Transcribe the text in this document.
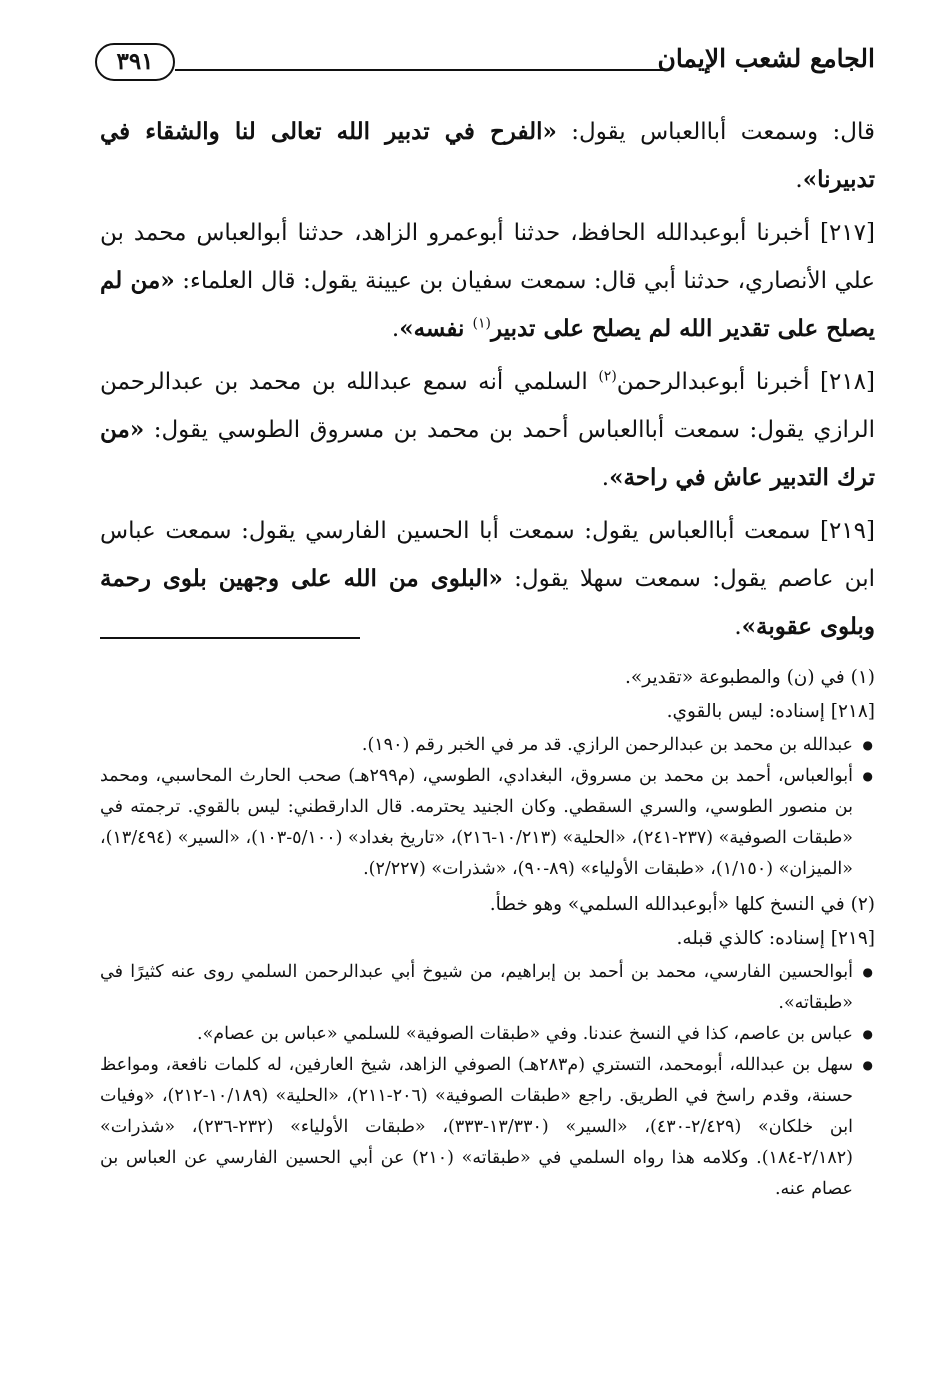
الجامع لشعب الإيمان
٣٩١

قال: وسمعت أباالعباس يقول: «الفرح في تدبير الله تعالى لنا والشقاء في تدبيرنا».

[٢١٧] أخبرنا أبوعبدالله الحافظ، حدثنا أبوعمرو الزاهد، حدثنا أبوالعباس محمد بن علي الأنصاري، حدثنا أبي قال: سمعت سفيان بن عيينة يقول: قال العلماء: «من لم يصلح على تقدير الله لم يصلح على تدبير$^{(١)}$ نفسه».

[٢١٨] أخبرنا أبوعبدالرحمن$^{(٢)}$ السلمي أنه سمع عبدالله بن محمد بن عبدالرحمن الرازي يقول: سمعت أباالعباس أحمد بن محمد بن مسروق الطوسي يقول: «من ترك التدبير عاش في راحة».

[٢١٩] سمعت أباالعباس يقول: سمعت أبا الحسين الفارسي يقول: سمعت عباس ابن عاصم يقول: سمعت سهلا يقول: «البلوى من الله على وجهين بلوى رحمة وبلوى عقوبة».

(١) في (ن) والمطبوعة «تقدير».

[٢١٨] إسناده: ليس بالقوي.

● عبدالله بن محمد بن عبدالرحمن الرازي. قد مر في الخبر رقم (١٩٠).
● أبوالعباس، أحمد بن محمد بن مسروق، البغدادي، الطوسي، (م٢٩٩هـ) صحب الحارث المحاسبي، ومحمد بن منصور الطوسي، والسري السقطي. وكان الجنيد يحترمه. قال الدارقطني: ليس بالقوي. ترجمته في «طبقات الصوفية» (٢٣٧-٢٤١)، «الحلية» (١٠/٢١٣-٢١٦)، «تاريخ بغداد» (٥/١٠٠-١٠٣)، «السير» (١٣/٤٩٤)، «الميزان» (١/١٥٠)، «طبقات الأولياء» (٨٩-٩٠)، «شذرات» (٢/٢٢٧).

(٢) في النسخ كلها «أبوعبدالله السلمي» وهو خطأ.

[٢١٩] إسناده: كالذي قبله.

● أبوالحسين الفارسي، محمد بن أحمد بن إبراهيم، من شيوخ أبي عبدالرحمن السلمي روى عنه كثيرًا في «طبقاته».
● عباس بن عاصم، كذا في النسخ عندنا. وفي «طبقات الصوفية» للسلمي «عباس بن عصام».
● سهل بن عبدالله، أبومحمد، التستري (م٢٨٣هـ) الصوفي الزاهد، شيخ العارفين، له كلمات نافعة، ومواعظ حسنة، وقدم راسخ في الطريق. راجع «طبقات الصوفية» (٢٠٦-٢١١)، «الحلية» (١٠/١٨٩-٢١٢)، «وفيات ابن خلكان» (٢/٤٢٩-٤٣٠)، «السير» (١٣/٣٣٠-٣٣٣)، «طبقات الأولياء» (٢٣٢-٢٣٦)، «شذرات» (٢/١٨٢-١٨٤). وكلامه هذا رواه السلمي في «طبقاته» (٢١٠) عن أبي الحسين الفارسي عن العباس بن عصام عنه.
